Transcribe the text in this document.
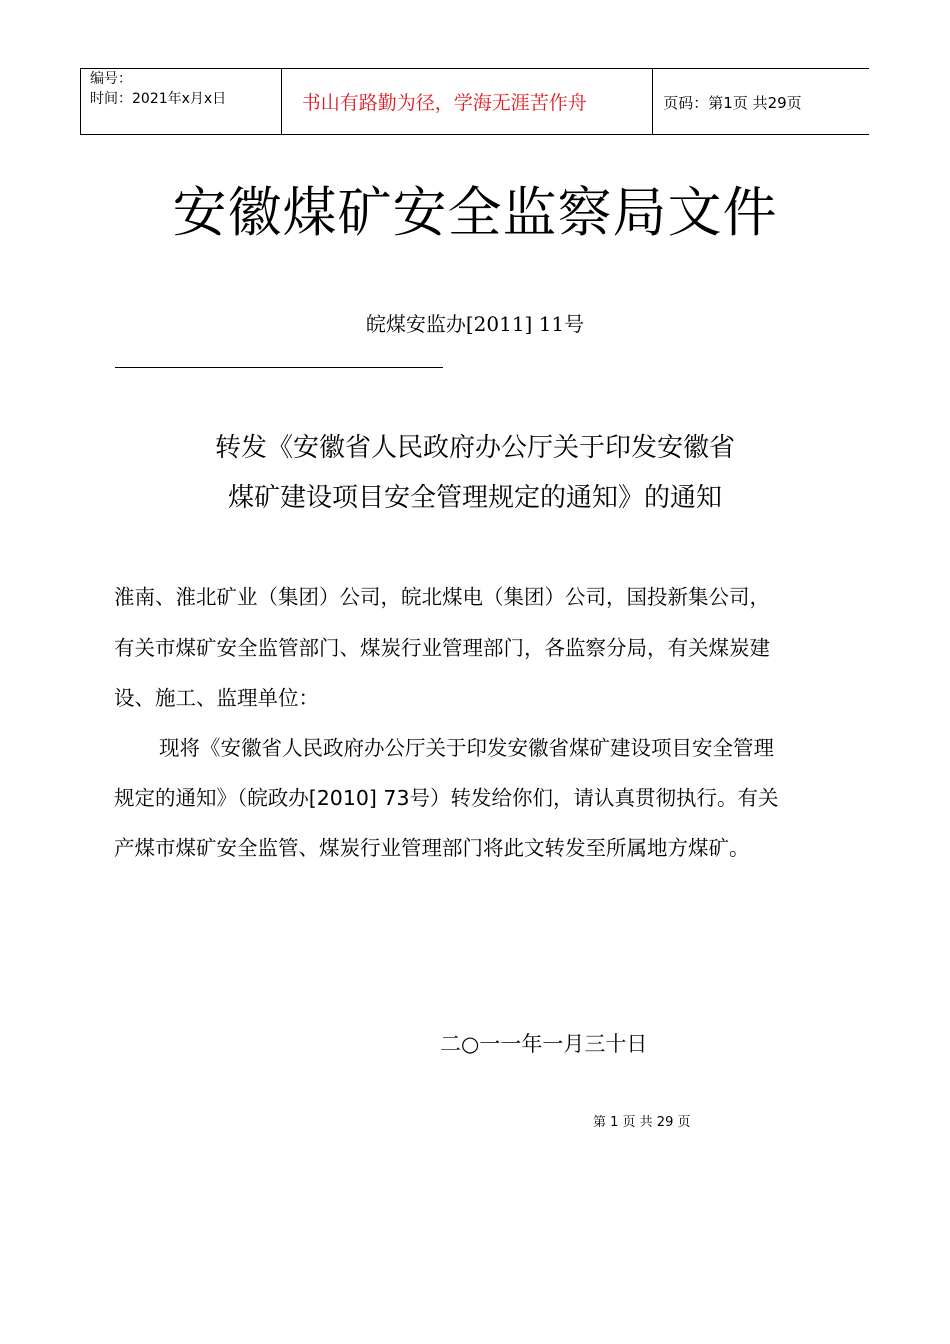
编号：
时间：2021年x月x日	书山有路勤为径，学海无涯苦作舟	页码：第1页 共29页
安徽煤矿安全监察局文件
皖煤安监办[2011] 11号
转发《安徽省人民政府办公厅关于印发安徽省
煤矿建设项目安全管理规定的通知》的通知
淮南、淮北矿业（集团）公司，皖北煤电（集团）公司，国投新集公司，
有关市煤矿安全监管部门、煤炭行业管理部门，各监察分局，有关煤炭建
设、施工、监理单位：
现将《安徽省人民政府办公厅关于印发安徽省煤矿建设项目安全管理
规定的通知》（皖政办[2010] 73号）转发给你们，请认真贯彻执行。有关
产煤市煤矿安全监管、煤炭行业管理部门将此文转发至所属地方煤矿。
二○一一年一月三十日
第 1 页 共 29 页
